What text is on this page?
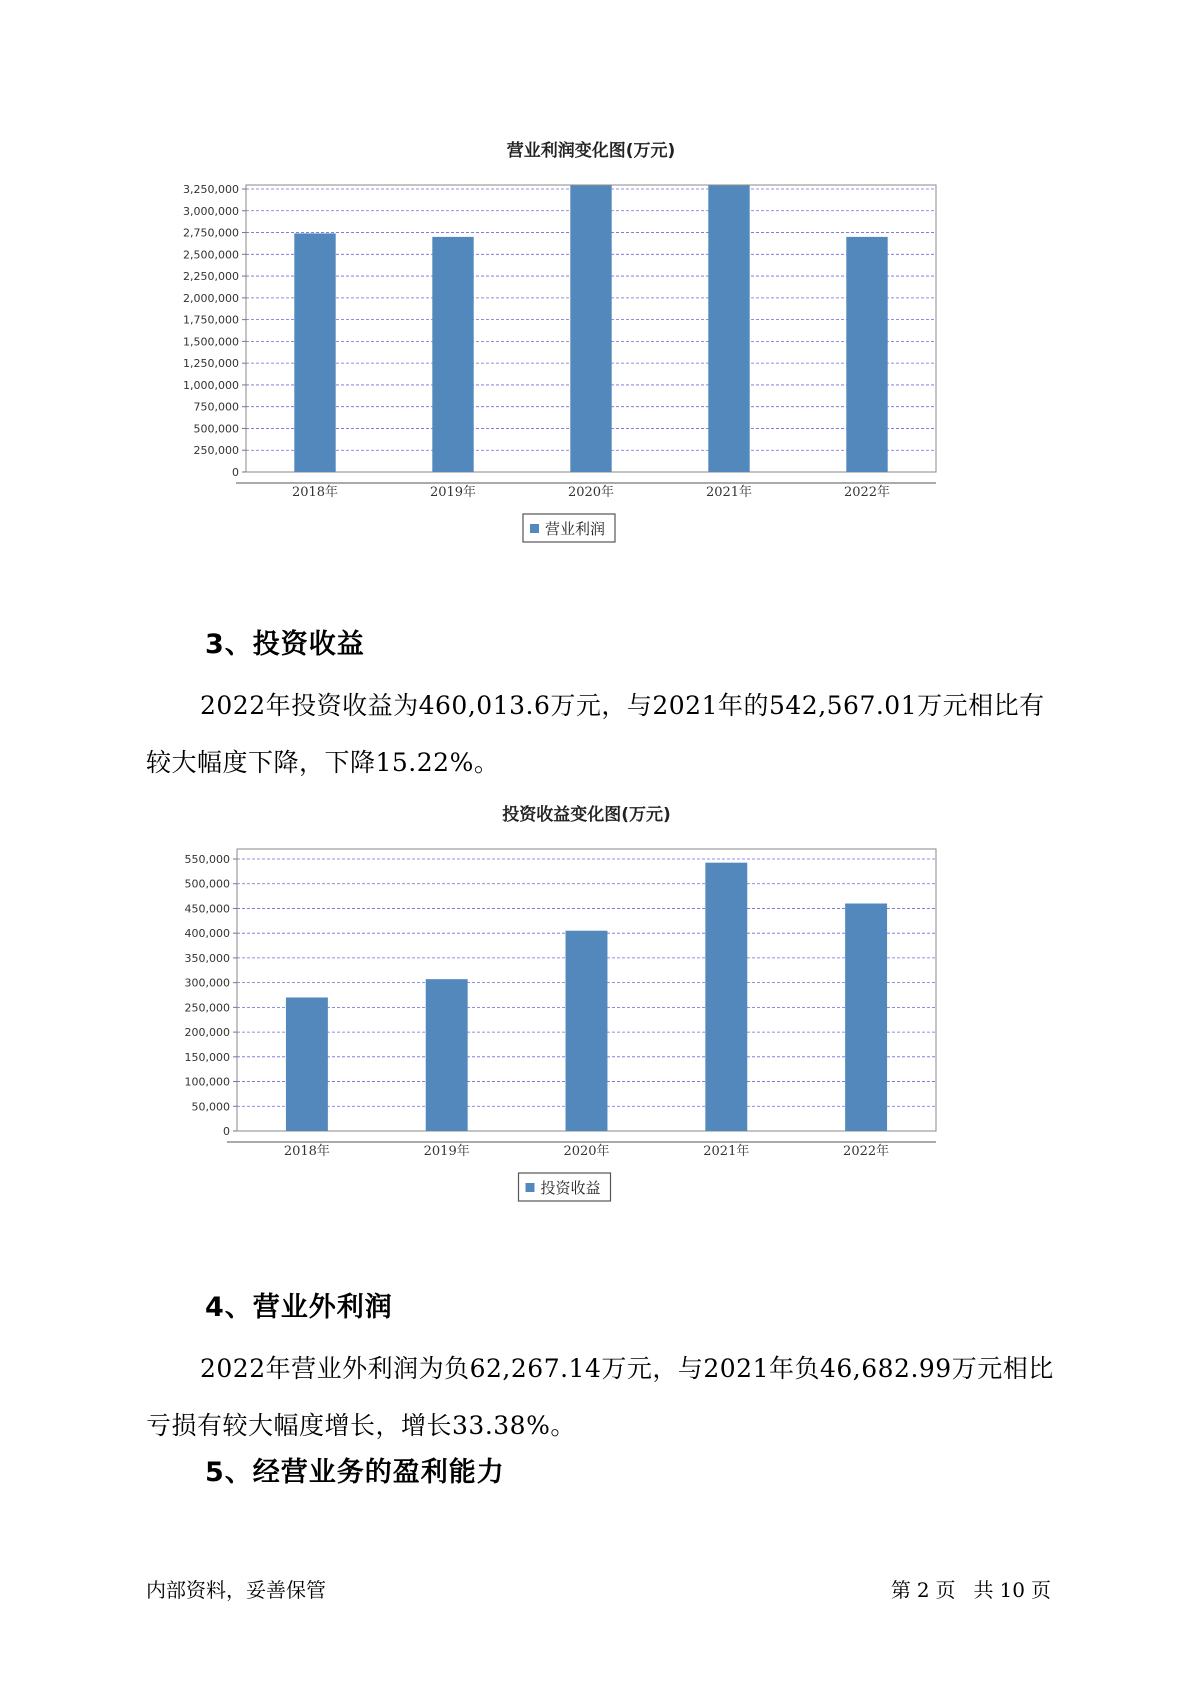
营业利润变化图(万元)
0
250,000
500,000
750,000
1,000,000
1,250,000
1,500,000
1,750,000
2,000,000
2,250,000
2,500,000
2,750,000
3,000,000
3,250,000
2018年	2019年	2020年	2021年	2022年
营业利润
3、投资收益

2022年投资收益为460,013.6万元，与2021年的542,567.01万元相比有较大幅度下降，下降15.22%。

投资收益变化图(万元)
0
50,000
100,000
150,000
200,000
250,000
300,000
350,000
400,000
450,000
500,000
550,000
2018年	2019年	2020年	2021年	2022年
投资收益
4、营业外利润

2022年营业外利润为负62,267.14万元，与2021年负46,682.99万元相比亏损有较大幅度增长，增长33.38%。

5、经营业务的盈利能力
内部资料，妥善保管	第 2 页 共 10 页
